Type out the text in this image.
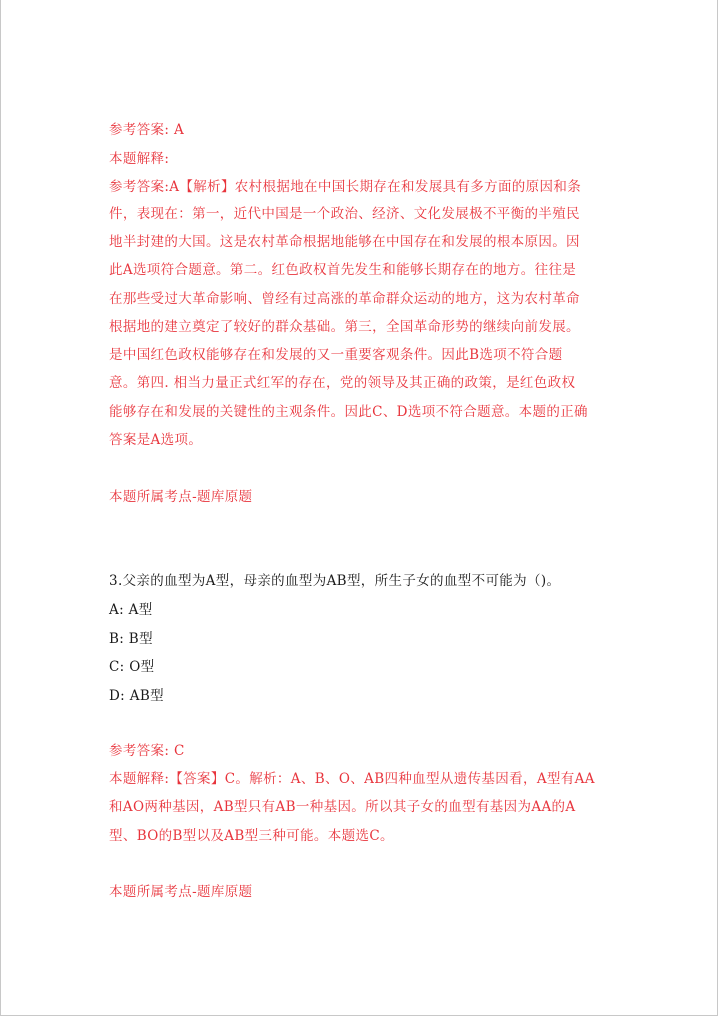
参考答案: A
本题解释:
参考答案:A【解析】农村根据地在中国长期存在和发展具有多方面的原因和条
件，表现在：第一，近代中国是一个政治、经济、文化发展极不平衡的半殖民
地半封建的大国。这是农村革命根据地能够在中国存在和发展的根本原因。因
此A选项符合题意。第二。红色政权首先发生和能够长期存在的地方。往往是
在那些受过大革命影响、曾经有过高涨的革命群众运动的地方，这为农村革命
根据地的建立奠定了较好的群众基础。第三，全国革命形势的继续向前发展。
是中国红色政权能够存在和发展的又一重要客观条件。因此B选项不符合题
意。第四. 相当力量正式红军的存在，党的领导及其正确的政策，是红色政权
能够存在和发展的关键性的主观条件。因此C、D选项不符合题意。本题的正确
答案是A选项。
本题所属考点-题库原题
3.父亲的血型为A型，母亲的血型为AB型，所生子女的血型不可能为（)。
A: A型
B: B型
C: O型
D: AB型
参考答案: C
本题解释:【答案】C。解析：A、B、O、AB四种血型从遗传基因看，A型有AA
和AO两种基因，AB型只有AB一种基因。所以其子女的血型有基因为AA的A
型、BO的B型以及AB型三种可能。本题选C。
本题所属考点-题库原题
